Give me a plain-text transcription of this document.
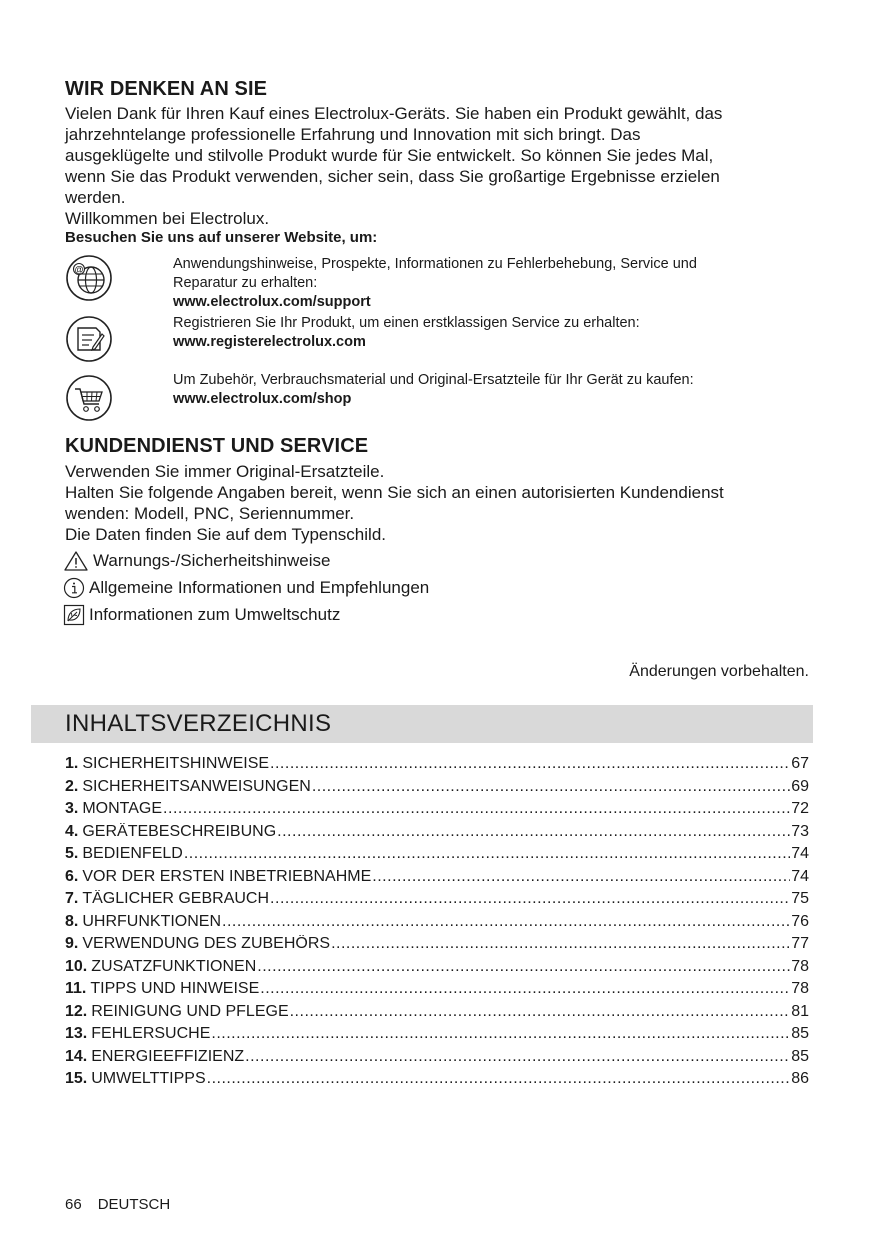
WIR DENKEN AN SIE

Vielen Dank für Ihren Kauf eines Electrolux-Geräts. Sie haben ein Produkt gewählt, das
jahrzehntelange professionelle Erfahrung und Innovation mit sich bringt. Das
ausgeklügelte und stilvolle Produkt wurde für Sie entwickelt. So können Sie jedes Mal,
wenn Sie das Produkt verwenden, sicher sein, dass Sie großartige Ergebnisse erzielen
werden.
Willkommen bei Electrolux.

Besuchen Sie uns auf unserer Website, um:
@	Anwendungshinweise, Prospekte, Informationen zu Fehlerbehebung, Service und
Reparatur zu erhalten:
www.electrolux.com/support
Registrieren Sie Ihr Produkt, um einen erstklassigen Service zu erhalten:
www.registerelectrolux.com
Um Zubehör, Verbrauchsmaterial und Original-Ersatzteile für Ihr Gerät zu kaufen:
www.electrolux.com/shop
KUNDENDIENST UND SERVICE

Verwenden Sie immer Original-Ersatzteile.
Halten Sie folgende Angaben bereit, wenn Sie sich an einen autorisierten Kundendienst
wenden: Modell, PNC, Seriennummer.
Die Daten finden Sie auf dem Typenschild.

Warnungs-/Sicherheitshinweise
Allgemeine Informationen und Empfehlungen
Informationen zum Umweltschutz
Änderungen vorbehalten.
INHALTSVERZEICHNIS
1. SICHERHEITSHINWEISE .....	67
2. SICHERHEITSANWEISUNGEN .....	69
3. MONTAGE .....	72
4. GERÄTEBESCHREIBUNG .....	73
5. BEDIENFELD .....	74
6. VOR DER ERSTEN INBETRIEBNAHME .....	74
7. TÄGLICHER GEBRAUCH .....	75
8. UHRFUNKTIONEN .....	76
9. VERWENDUNG DES ZUBEHÖRS .....	77
10. ZUSATZFUNKTIONEN .....	78
11. TIPPS UND HINWEISE .....	78
12. REINIGUNG UND PFLEGE .....	81
13. FEHLERSUCHE .....	85
14. ENERGIEEFFIZIENZ .....	85
15. UMWELTTIPPS .....	86
66 DEUTSCH
